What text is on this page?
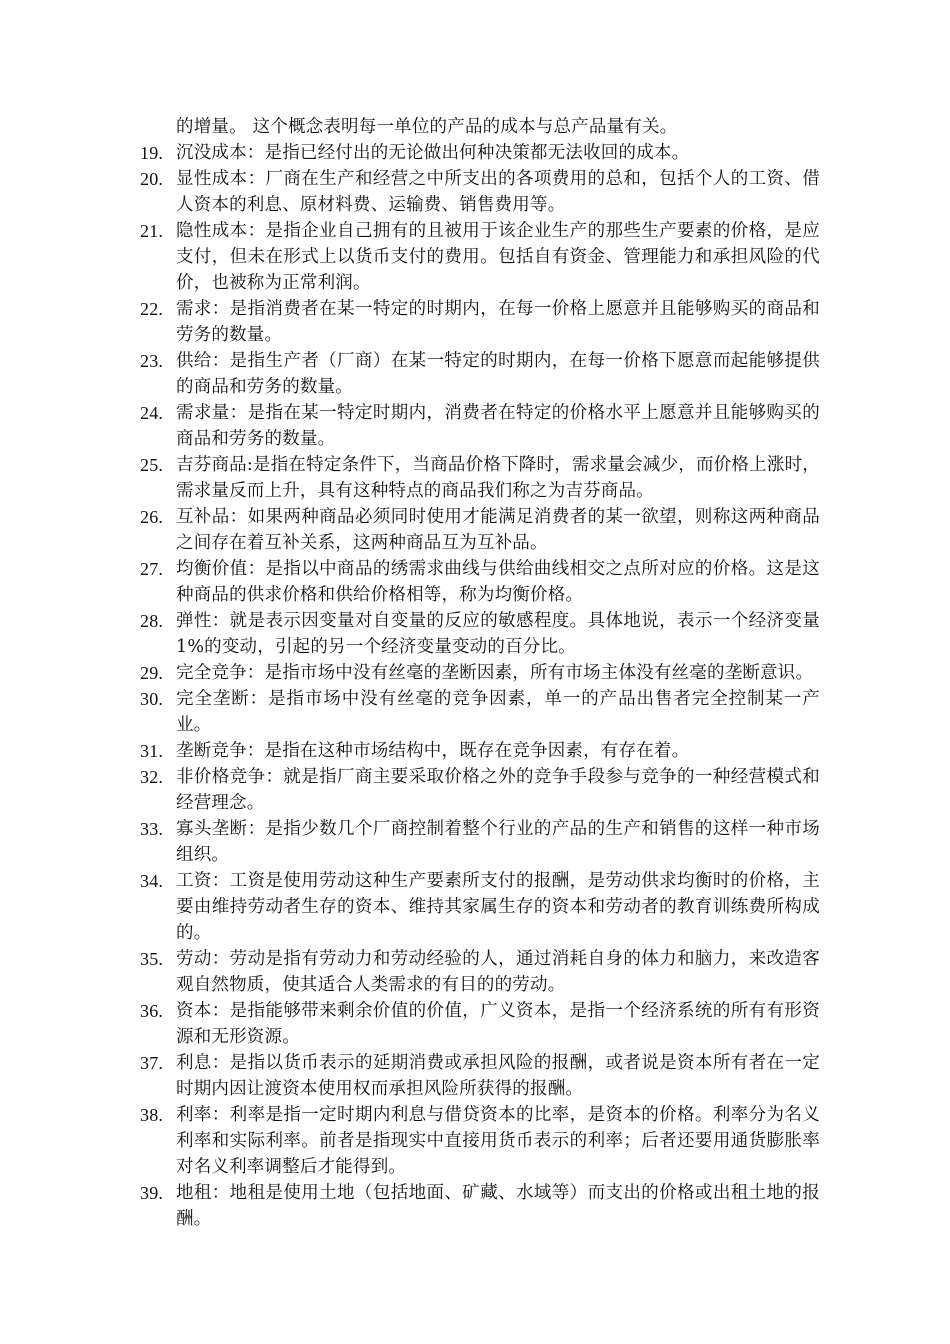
的增量。 这个概念表明每一单位的产品的成本与总产品量有关。
19. 沉没成本：是指已经付出的无论做出何种决策都无法收回的成本。
20. 显性成本：厂商在生产和经营之中所支出的各项费用的总和，包括个人的工资、借人资本的利息、原材料费、运输费、销售费用等。
21. 隐性成本：是指企业自己拥有的且被用于该企业生产的那些生产要素的价格，是应支付，但未在形式上以货币支付的费用。包括自有资金、管理能力和承担风险的代价，也被称为正常利润。
22. 需求：是指消费者在某一特定的时期内，在每一价格上愿意并且能够购买的商品和劳务的数量。
23. 供给：是指生产者（厂商）在某一特定的时期内，在每一价格下愿意而起能够提供的商品和劳务的数量。
24. 需求量：是指在某一特定时期内，消费者在特定的价格水平上愿意并且能够购买的商品和劳务的数量。
25. 吉芬商品:是指在特定条件下，当商品价格下降时，需求量会减少，而价格上涨时，需求量反而上升，具有这种特点的商品我们称之为吉芬商品。
26. 互补品：如果两种商品必须同时使用才能满足消费者的某一欲望，则称这两种商品之间存在着互补关系，这两种商品互为互补品。
27. 均衡价值：是指以中商品的绣需求曲线与供给曲线相交之点所对应的价格。这是这种商品的供求价格和供给价格相等，称为均衡价格。
28. 弹性：就是表示因变量对自变量的反应的敏感程度。具体地说，表示一个经济变量 1%的变动，引起的另一个经济变量变动的百分比。
29. 完全竞争：是指市场中没有丝毫的垄断因素，所有市场主体没有丝毫的垄断意识。
30. 完全垄断：是指市场中没有丝毫的竞争因素，单一的产品出售者完全控制某一产业。
31. 垄断竞争：是指在这种市场结构中，既存在竞争因素，有存在着。
32. 非价格竞争：就是指厂商主要采取价格之外的竞争手段参与竞争的一种经营模式和经营理念。
33. 寡头垄断：是指少数几个厂商控制着整个行业的产品的生产和销售的这样一种市场组织。
34. 工资：工资是使用劳动这种生产要素所支付的报酬，是劳动供求均衡时的价格，主要由维持劳动者生存的资本、维持其家属生存的资本和劳动者的教育训练费所构成的。
35. 劳动：劳动是指有劳动力和劳动经验的人，通过消耗自身的体力和脑力，来改造客观自然物质，使其适合人类需求的有目的的劳动。
36. 资本：是指能够带来剩余价值的价值，广义资本，是指一个经济系统的所有有形资源和无形资源。
37. 利息：是指以货币表示的延期消费或承担风险的报酬，或者说是资本所有者在一定时期内因让渡资本使用权而承担风险所获得的报酬。
38. 利率：利率是指一定时期内利息与借贷资本的比率，是资本的价格。利率分为名义利率和实际利率。前者是指现实中直接用货币表示的利率；后者还要用通货膨胀率对名义利率调整后才能得到。
39. 地租：地租是使用土地（包括地面、矿藏、水域等）而支出的价格或出租土地的报酬。
